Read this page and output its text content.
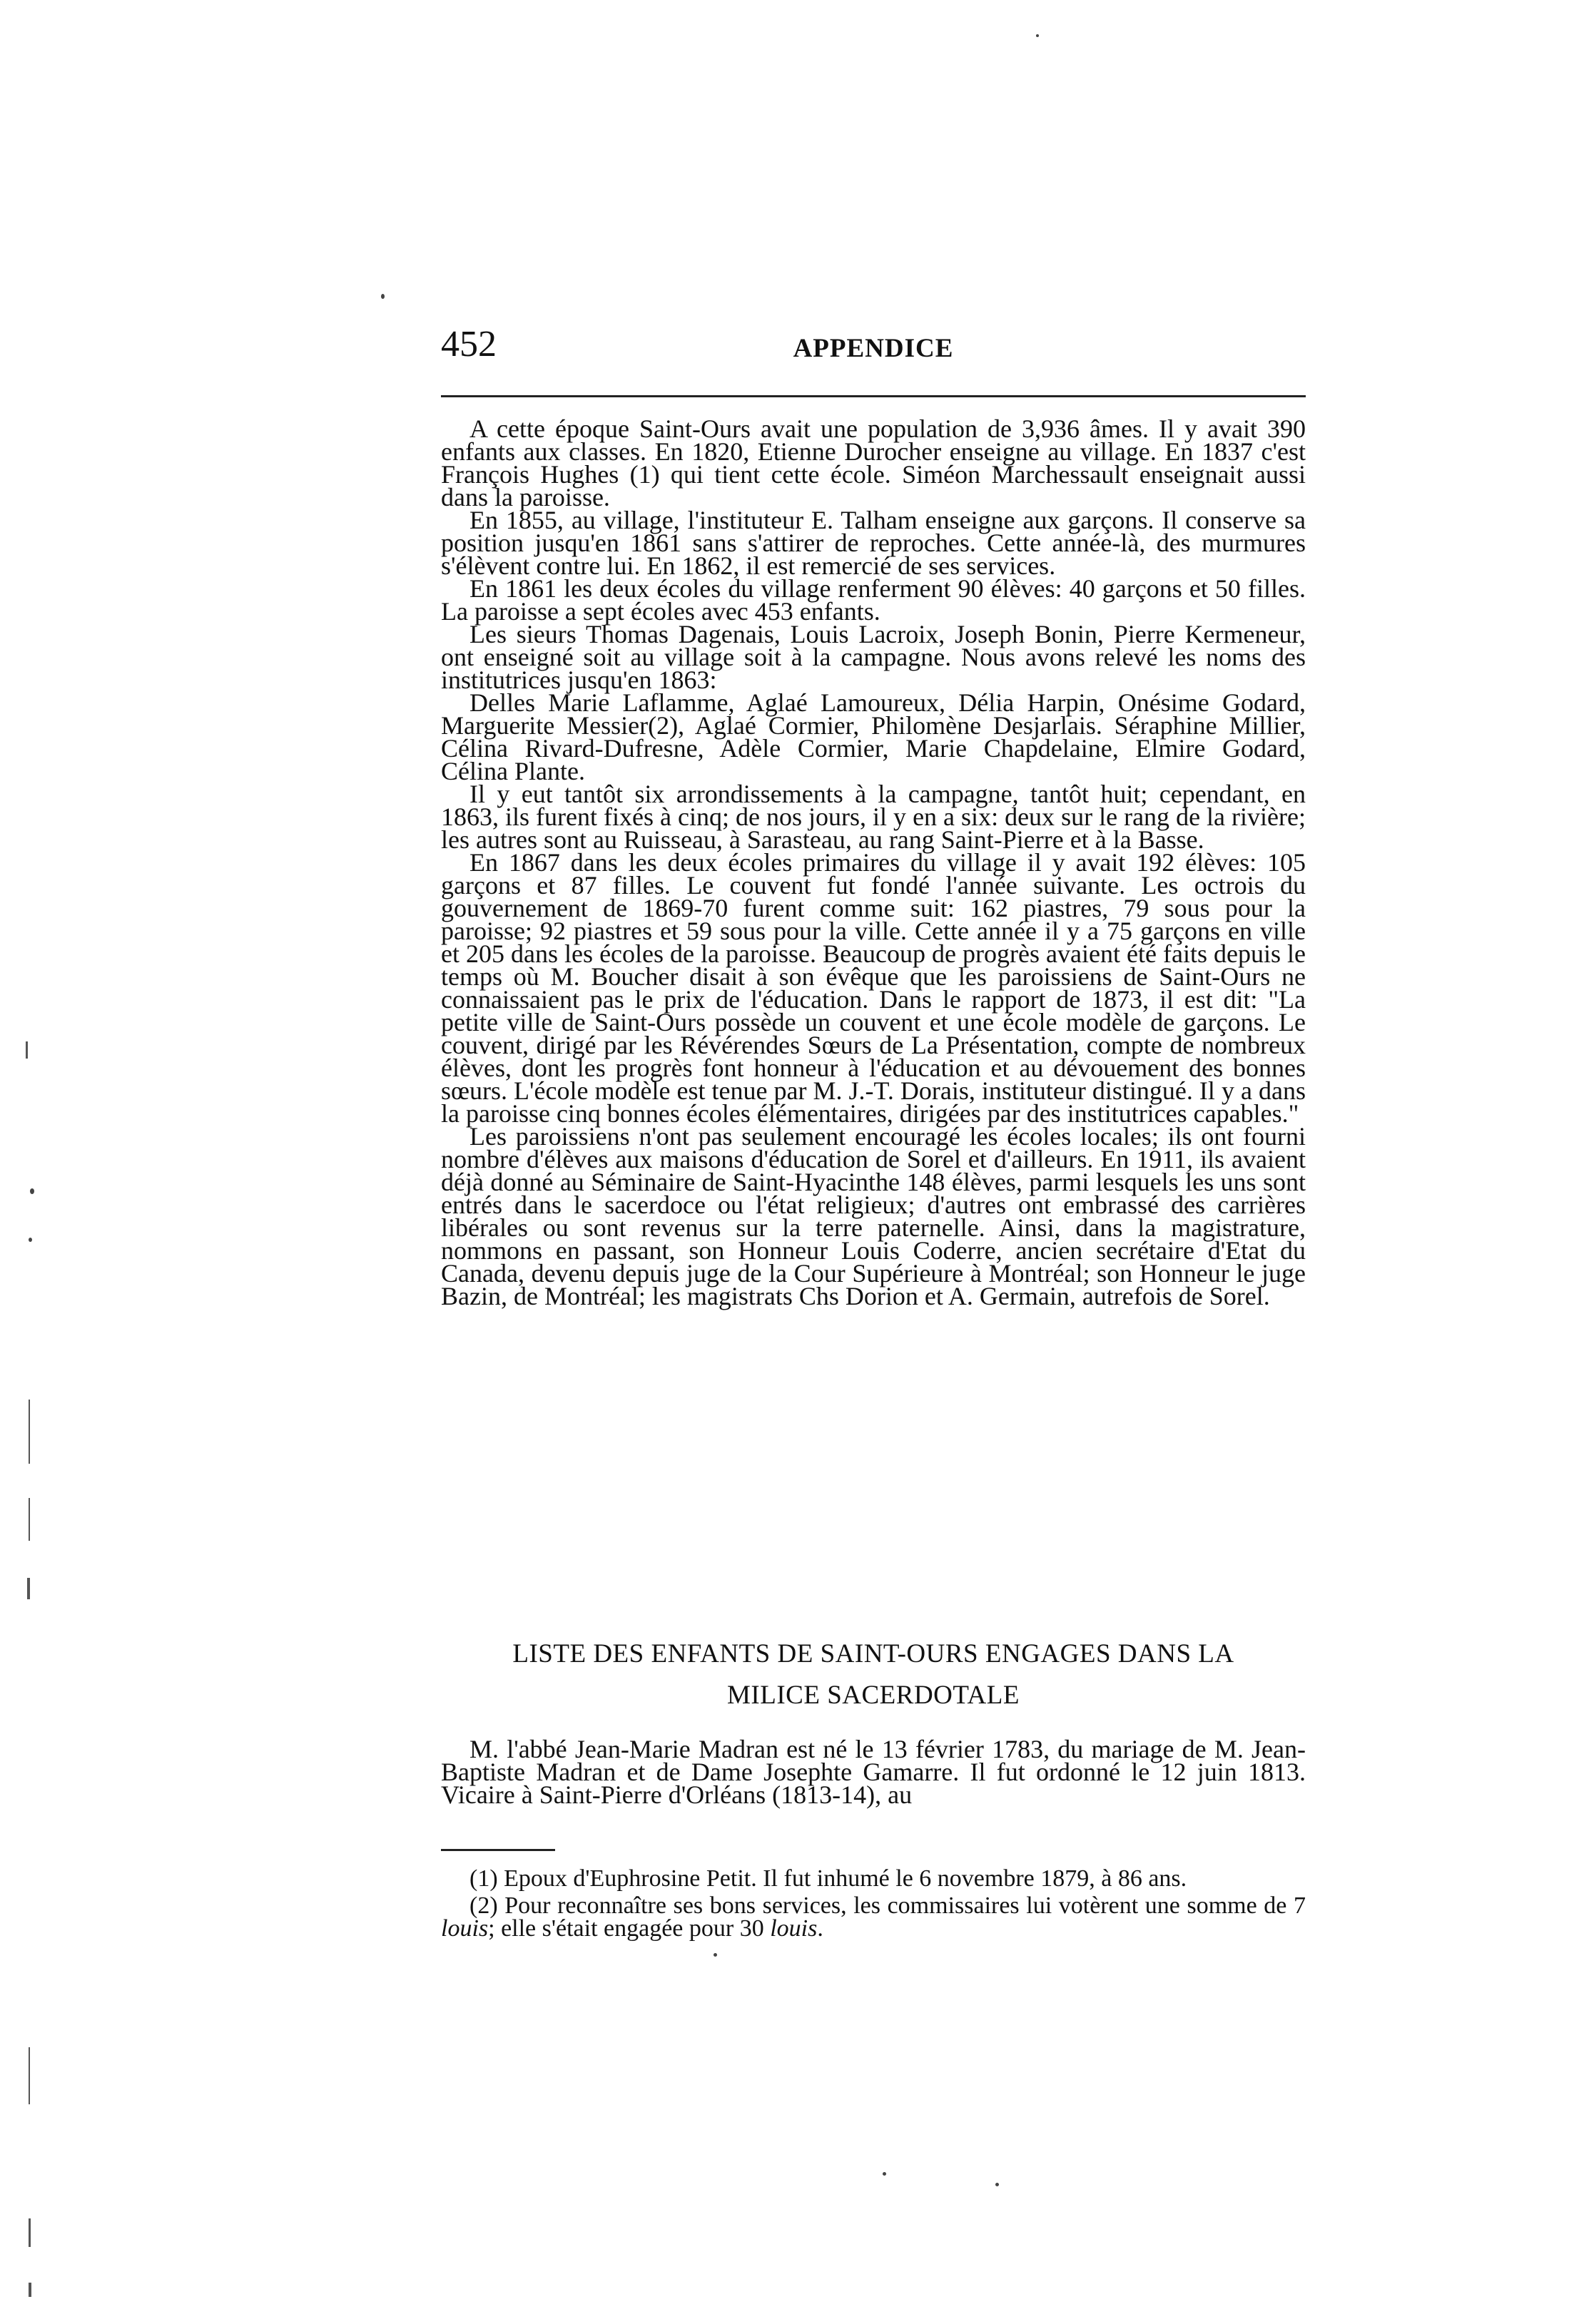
452	APPENDICE

A cette époque Saint-Ours avait une population de 3,936 âmes. Il y avait 390 enfants aux classes. En 1820, Etienne Durocher enseigne au village. En 1837 c'est François Hughes (1) qui tient cette école. Siméon Marchessault enseignait aussi dans la paroisse.

En 1855, au village, l'instituteur E. Talham enseigne aux garçons. Il conserve sa position jusqu'en 1861 sans s'attirer de reproches. Cette année-là, des murmures s'élèvent contre lui. En 1862, il est remercié de ses services.

En 1861 les deux écoles du village renferment 90 élèves: 40 garçons et 50 filles. La paroisse a sept écoles avec 453 enfants.

Les sieurs Thomas Dagenais, Louis Lacroix, Joseph Bonin, Pierre Kermeneur, ont enseigné soit au village soit à la campagne. Nous avons relevé les noms des institutrices jusqu'en 1863:

Delles Marie Laflamme, Aglaé Lamoureux, Délia Harpin, Onésime Godard, Marguerite Messier(2), Aglaé Cormier, Philomène Desjarlais. Séraphine Millier, Célina Rivard-Dufresne, Adèle Cormier, Marie Chapdelaine, Elmire Godard, Célina Plante.

Il y eut tantôt six arrondissements à la campagne, tantôt huit; cependant, en 1863, ils furent fixés à cinq; de nos jours, il y en a six: deux sur le rang de la rivière; les autres sont au Ruisseau, à Sarasteau, au rang Saint-Pierre et à la Basse.

En 1867 dans les deux écoles primaires du village il y avait 192 élèves: 105 garçons et 87 filles. Le couvent fut fondé l'année suivante. Les octrois du gouvernement de 1869-70 furent comme suit: 162 piastres, 79 sous pour la paroisse; 92 piastres et 59 sous pour la ville. Cette année il y a 75 garçons en ville et 205 dans les écoles de la paroisse. Beaucoup de progrès avaient été faits depuis le temps où M. Boucher disait à son évêque que les paroissiens de Saint-Ours ne connaissaient pas le prix de l'éducation. Dans le rapport de 1873, il est dit: "La petite ville de Saint-Ours possède un couvent et une école modèle de garçons. Le couvent, dirigé par les Révérendes Sœurs de La Présentation, compte de nombreux élèves, dont les progrès font honneur à l'éducation et au dévouement des bonnes sœurs. L'école modèle est tenue par M. J.-T. Dorais, instituteur distingué. Il y a dans la paroisse cinq bonnes écoles élémentaires, dirigées par des institutrices capables."

Les paroissiens n'ont pas seulement encouragé les écoles locales; ils ont fourni nombre d'élèves aux maisons d'éducation de Sorel et d'ailleurs. En 1911, ils avaient déjà donné au Séminaire de Saint-Hyacinthe 148 élèves, parmi lesquels les uns sont entrés dans le sacerdoce ou l'état religieux; d'autres ont embrassé des carrières libérales ou sont revenus sur la terre paternelle. Ainsi, dans la magistrature, nommons en passant, son Honneur Louis Coderre, ancien secrétaire d'Etat du Canada, devenu depuis juge de la Cour Supérieure à Montréal; son Honneur le juge Bazin, de Montréal; les magistrats Chs Dorion et A. Germain, autrefois de Sorel.

LISTE DES ENFANTS DE SAINT-OURS ENGAGES DANS LA
MILICE SACERDOTALE

M. l'abbé Jean-Marie Madran est né le 13 février 1783, du mariage de M. Jean-Baptiste Madran et de Dame Josephte Gamarre. Il fut ordonné le 12 juin 1813. Vicaire à Saint-Pierre d'Orléans (1813-14), au

(1) Epoux d'Euphrosine Petit. Il fut inhumé le 6 novembre 1879, à 86 ans.

(2) Pour reconnaître ses bons services, les commissaires lui votèrent une somme de 7 louis; elle s'était engagée pour 30 louis.
